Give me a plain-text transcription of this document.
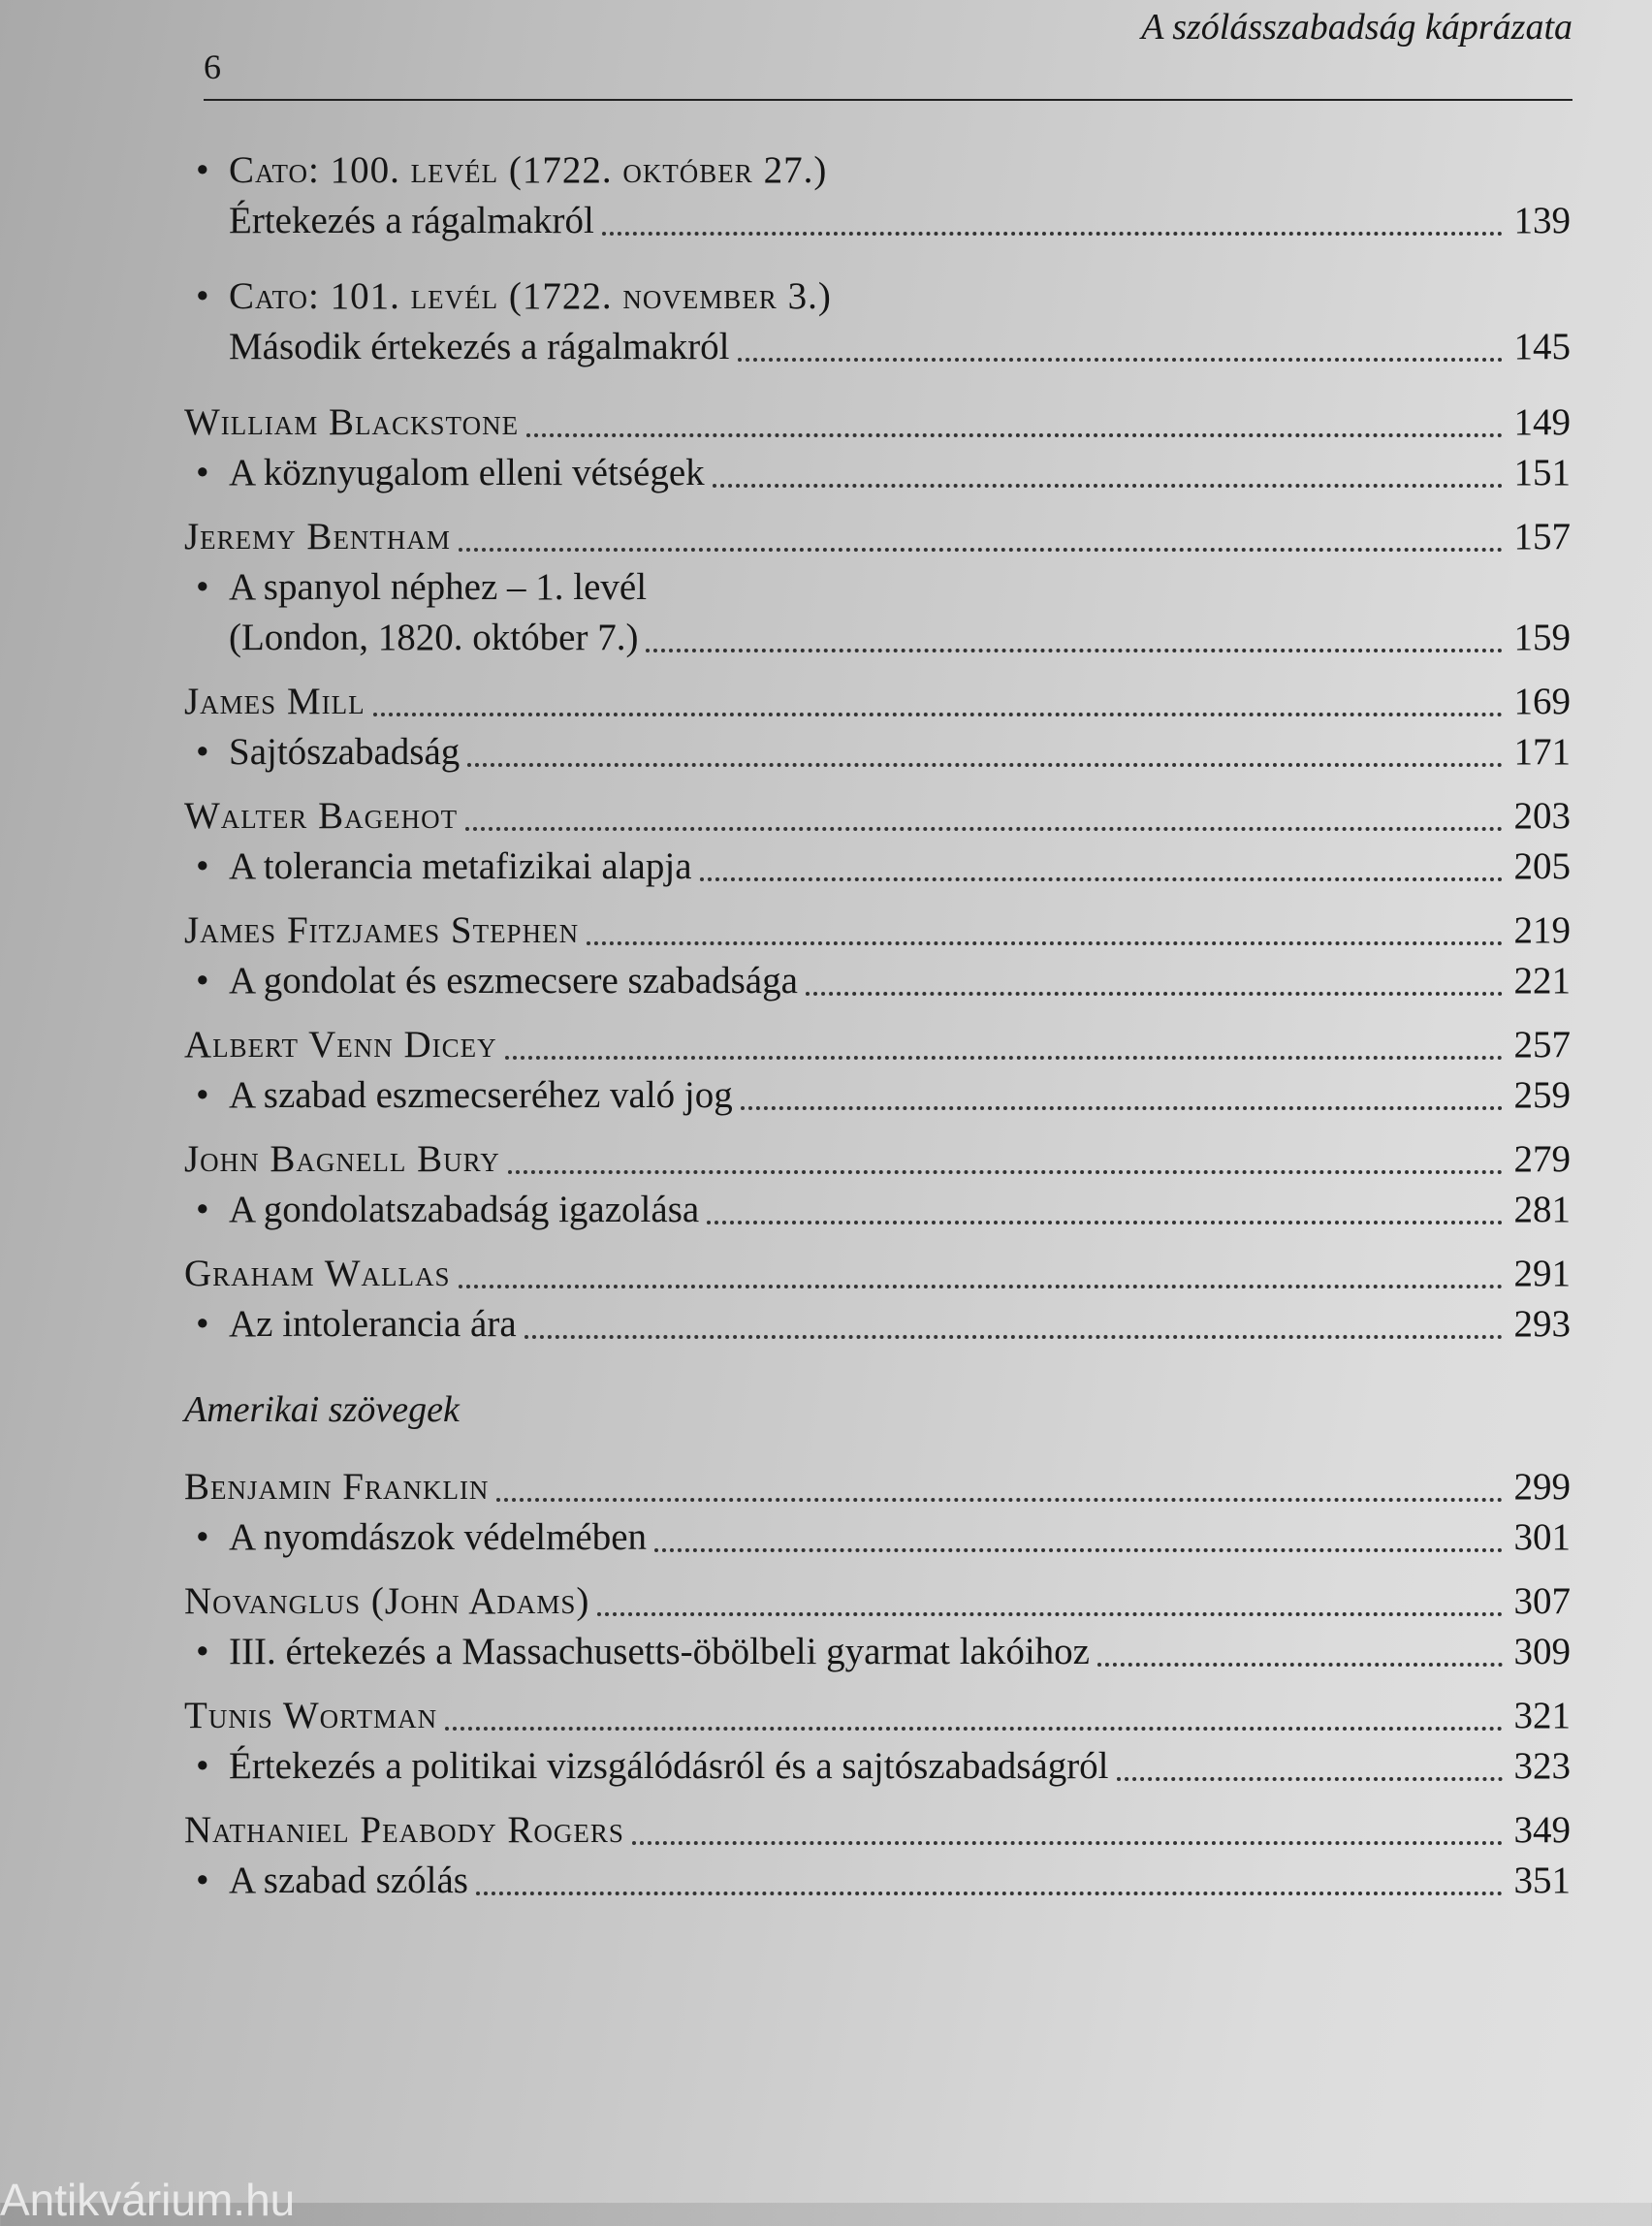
6
A szólásszabadság káprázata
• Cato: 100. levél (1722. október 27.)
Értekezés a rágalmakról	139
• Cato: 101. levél (1722. november 3.)
Második értekezés a rágalmakról	145
William Blackstone	149
• A köznyugalom elleni vétségek	151
Jeremy Bentham	157
• A spanyol néphez – 1. levél
(London, 1820. október 7.)	159
James Mill	169
• Sajtószabadság	171
Walter Bagehot	203
• A tolerancia metafizikai alapja	205
James Fitzjames Stephen	219
• A gondolat és eszmecsere szabadsága	221
Albert Venn Dicey	257
• A szabad eszmecseréhez való jog	259
John Bagnell Bury	279
• A gondolatszabadság igazolása	281
Graham Wallas	291
• Az intolerancia ára	293
Amerikai szövegek
Benjamin Franklin	299
• A nyomdászok védelmében	301
Novanglus (John Adams)	307
• III. értekezés a Massachusetts-öbölbeli gyarmat lakóihoz	309
Tunis Wortman	321
• Értekezés a politikai vizsgálódásról és a sajtószabadságról	323
Nathaniel Peabody Rogers	349
• A szabad szólás	351
Antikvárium.hu
